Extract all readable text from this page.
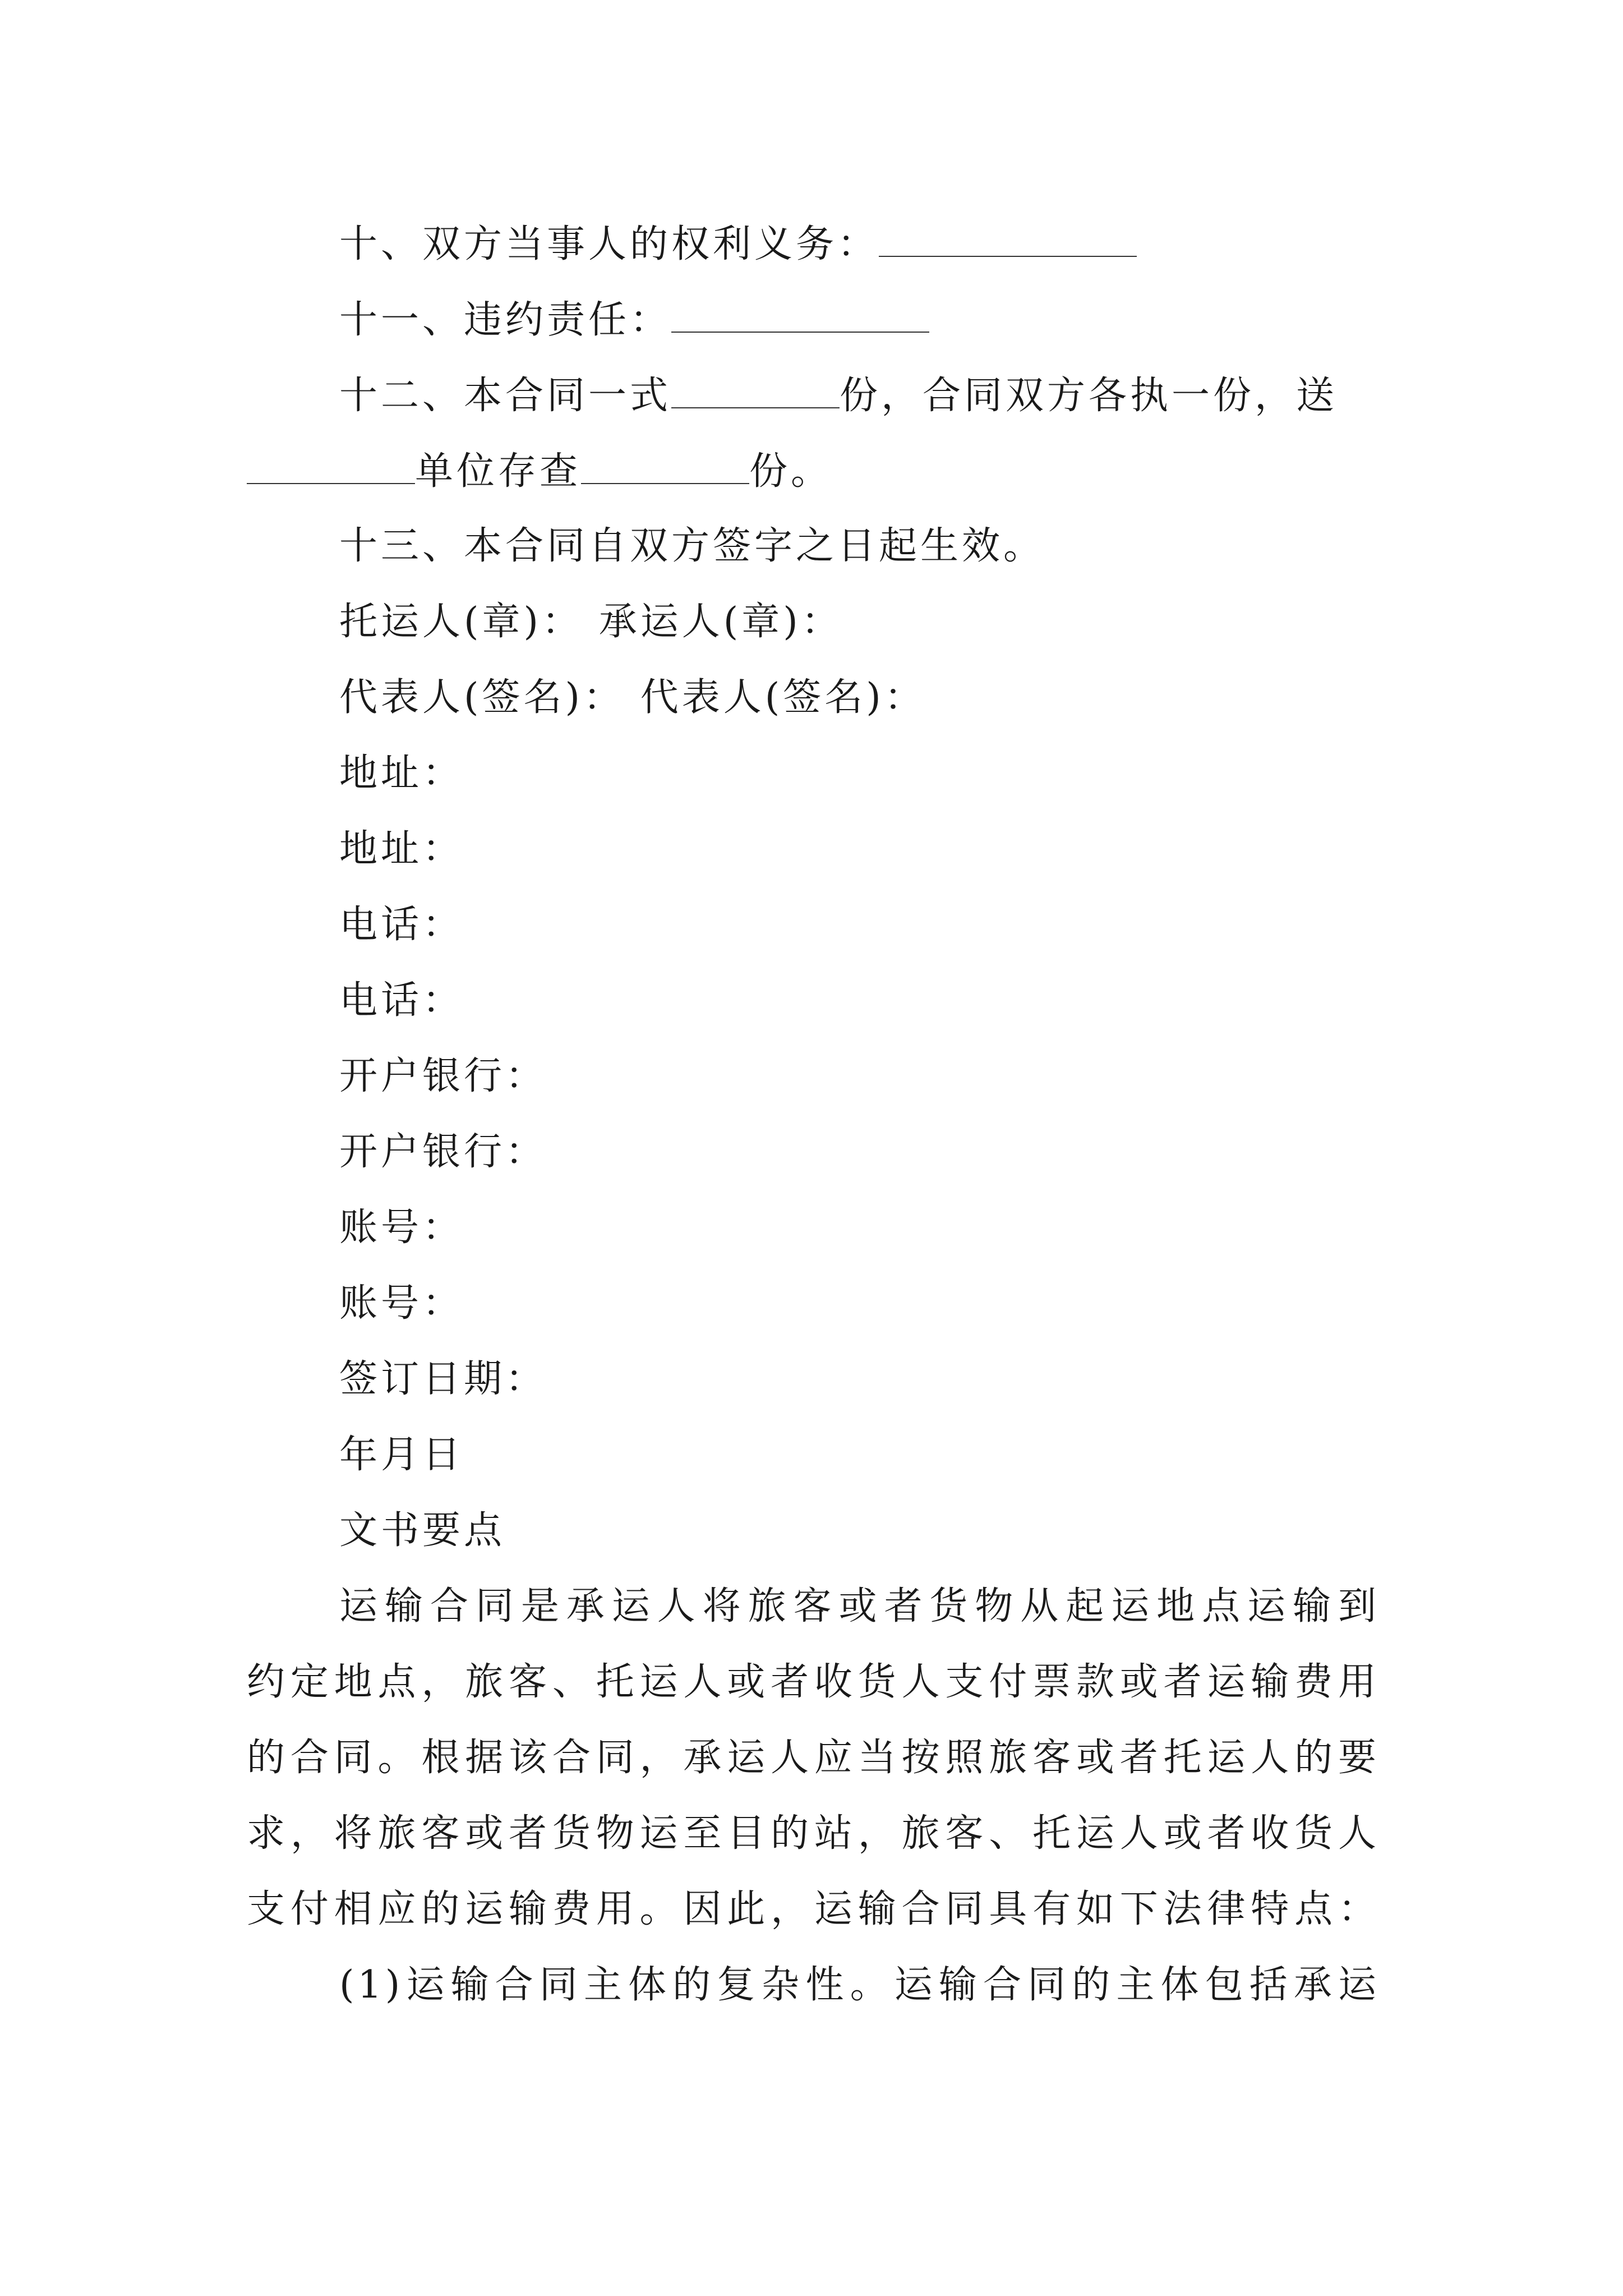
十、双方当事人的权利义务：
十一、违约责任：
十二、本合同一式	份，合同双方各执一份，送
单位存查	份。
十三、本合同自双方签字之日起生效。
托运人(章)： 承运人(章)：
代表人(签名)： 代表人(签名)：
地址：
地址：
电话：
电话：
开户银行：
开户银行：
账号：
账号：
签订日期：
年月日
文书要点
运输合同是承运人将旅客或者货物从起运地点运输到
约定地点，旅客、托运人或者收货人支付票款或者运输费用
的合同。根据该合同，承运人应当按照旅客或者托运人的要
求，将旅客或者货物运至目的站，旅客、托运人或者收货人
支付相应的运输费用。因此，运输合同具有如下法律特点：
(1)运输合同主体的复杂性。运输合同的主体包括承运
